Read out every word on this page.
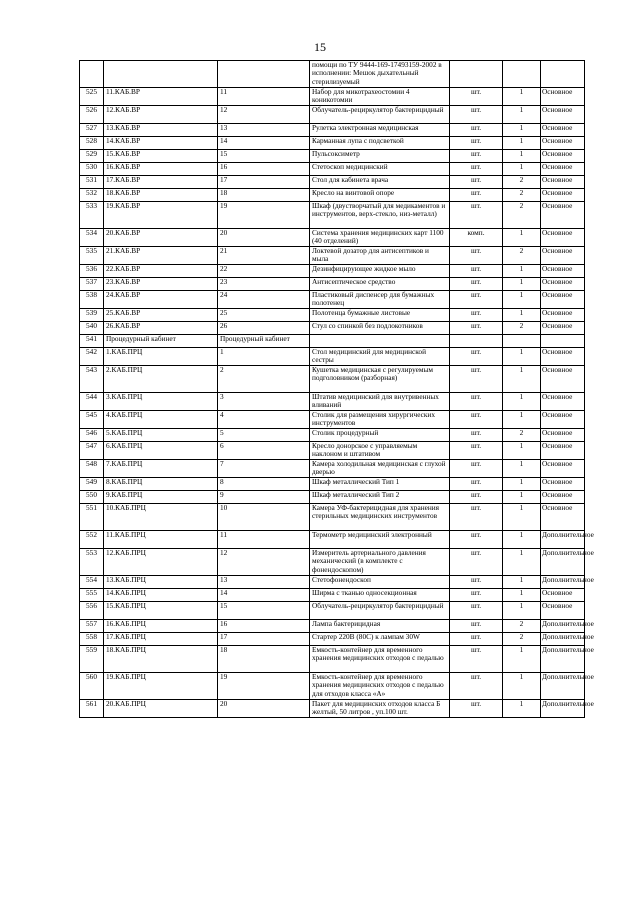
15
			помощи по ТУ 9444-169-17493159-2002 в исполнении: Мешок дыхательный стерилизуемый			
525	11.КАБ.ВР	11	Набор для микотрахеостомии 4 коникотомии	шт.	1	Основное
526	12.КАБ.ВР	12	Облучатель-рециркулятор бактерицидный	шт.	1	Основное
527	13.КАБ.ВР	13	Рулетка электронная медицинская	шт.	1	Основное
528	14.КАБ.ВР	14	Карманная лупа с подсветкой	шт.	1	Основное
529	15.КАБ.ВР	15	Пульсоксиметр	шт.	1	Основное
530	16.КАБ.ВР	16	Стетоскоп медицинский	шт.	1	Основное
531	17.КАБ.ВР	17	Стол для кабинета врача	шт.	2	Основное
532	18.КАБ.ВР	18	Кресло на винтовой опоре	шт.	2	Основное
533	19.КАБ.ВР	19	Шкаф (двустворчатый для медикаментов и инструментов, верх-стекло, низ-металл)	шт.	2	Основное
534	20.КАБ.ВР	20	Система хранения медицинских карт 1100 (40 отделений)	комп.	1	Основное
535	21.КАБ.ВР	21	Локтевой дозатор для антисептиков и мыла	шт.	2	Основное
536	22.КАБ.ВР	22	Дезинфицирующее жидкое мыло	шт.	1	Основное
537	23.КАБ.ВР	23	Антисептическое средство	шт.	1	Основное
538	24.КАБ.ВР	24	Пластиковый диспенсер для бумажных полотенец	шт.	1	Основное
539	25.КАБ.ВР	25	Полотенца бумажные листовые	шт.	1	Основное
540	26.КАБ.ВР	26	Стул со спинкой без подлокотников	шт.	2	Основное
541	Процедурный кабинет	Процедурный кабинет				
542	1.КАБ.ПРЦ	1	Стол медицинский для медицинской сестры	шт.	1	Основное
543	2.КАБ.ПРЦ	2	Кушетка медицинская с регулируемым подголовником (разборная)	шт.	1	Основное
544	3.КАБ.ПРЦ	3	Штатив медицинский для внутривенных вливаний	шт.	1	Основное
545	4.КАБ.ПРЦ	4	Столик для размещения хирургических инструментов	шт.	1	Основное
546	5.КАБ.ПРЦ	5	Столик процедурный	шт.	2	Основное
547	6.КАБ.ПРЦ	6	Кресло донорское с управляемым наклоном и штативом	шт.	1	Основное
548	7.КАБ.ПРЦ	7	Камера холодильная медицинская с глухой дверью	шт.	1	Основное
549	8.КАБ.ПРЦ	8	Шкаф металлический Тип 1	шт.	1	Основное
550	9.КАБ.ПРЦ	9	Шкаф металлический Тип 2	шт.	1	Основное
551	10.КАБ.ПРЦ	10	Камера УФ-бактерицидная для хранения стерильных медицинских инструментов	шт.	1	Основное
552	11.КАБ.ПРЦ	11	Термометр медицинский электронный	шт.	1	Дополнительное
553	12.КАБ.ПРЦ	12	Измеритель артериального давления механический (в комплекте с фонендоскопом)	шт.	1	Дополнительное
554	13.КАБ.ПРЦ	13	Стетофонендоскоп	шт.	1	Дополнительное
555	14.КАБ.ПРЦ	14	Ширма с тканью односекционная	шт.	1	Основное
556	15.КАБ.ПРЦ	15	Облучатель-рециркулятор бактерицидный	шт.	1	Основное
557	16.КАБ.ПРЦ	16	Лампа бактерицидная	шт.	2	Дополнительное
558	17.КАБ.ПРЦ	17	Стартер 220В (80С) к лампам 30W	шт.	2	Дополнительное
559	18.КАБ.ПРЦ	18	Емкость-контейнер для временного хранения медицинских отходов с педалью	шт.	1	Дополнительное
560	19.КАБ.ПРЦ	19	Емкость-контейнер для временного хранения медицинских отходов с педалью для отходов класса «А»	шт.	1	Дополнительное
561	20.КАБ.ПРЦ	20	Пакет для медицинских отходов класса Б желтый, 50 литров , уп.100 шт.	шт.	1	Дополнительное
